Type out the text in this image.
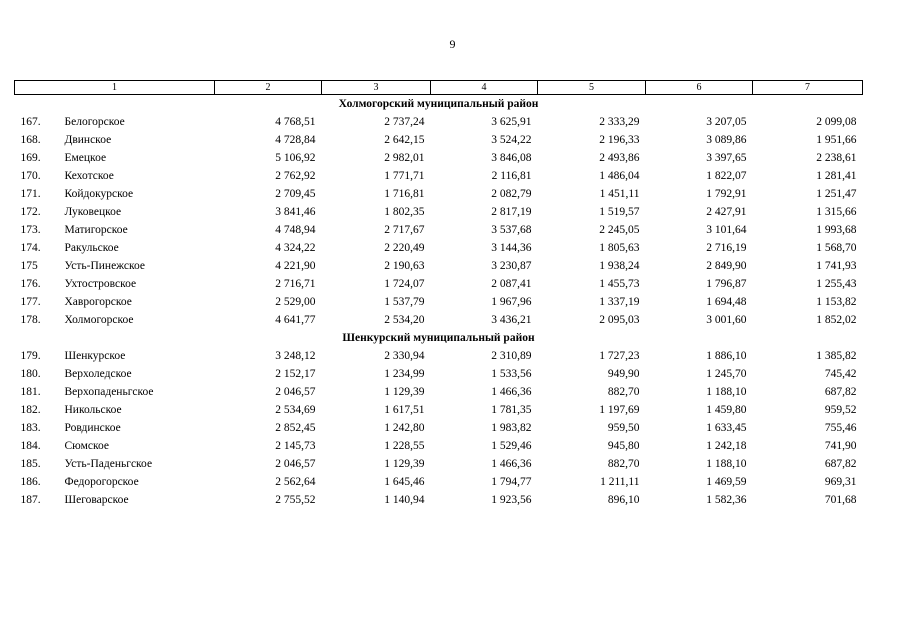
9
1	2	3	4	5	6	7
Холмогорский муниципальный район						

167. Белогорское	4 768,51	2 737,24	3 625,91	2 333,29	3 207,05	2 099,08

168. Двинское	4 728,84	2 642,15	3 524,22	2 196,33	3 089,86	1 951,66

169. Емецкое	5 106,92	2 982,01	3 846,08	2 493,86	3 397,65	2 238,61

170. Кехотское	2 762,92	1 771,71	2 116,81	1 486,04	1 822,07	1 281,41

171. Койдокурское	2 709,45	1 716,81	2 082,79	1 451,11	1 792,91	1 251,47

172. Луковецкое	3 841,46	1 802,35	2 817,19	1 519,57	2 427,91	1 315,66

173. Матигорское	4 748,94	2 717,67	3 537,68	2 245,05	3 101,64	1 993,68

174. Ракульское	4 324,22	2 220,49	3 144,36	1 805,63	2 716,19	1 568,70

175 Усть-Пинежское	4 221,90	2 190,63	3 230,87	1 938,24	2 849,90	1 741,93

176. Ухтостровское	2 716,71	1 724,07	2 087,41	1 455,73	1 796,87	1 255,43

177. Хаврогорское	2 529,00	1 537,79	1 967,96	1 337,19	1 694,48	1 153,82

178. Холмогорское	4 641,77	2 534,20	3 436,21	2 095,03	3 001,60	1 852,02
Шенкурский муниципальный район						

179. Шенкурское	3 248,12	2 330,94	2 310,89	1 727,23	1 886,10	1 385,82

180. Верхоледское	2 152,17	1 234,99	1 533,56	949,90	1 245,70	745,42

181. Верхопаденьгское	2 046,57	1 129,39	1 466,36	882,70	1 188,10	687,82

182. Никольское	2 534,69	1 617,51	1 781,35	1 197,69	1 459,80	959,52

183. Ровдинское	2 852,45	1 242,80	1 983,82	959,50	1 633,45	755,46

184. Сюмское	2 145,73	1 228,55	1 529,46	945,80	1 242,18	741,90

185. Усть-Паденьгское	2 046,57	1 129,39	1 466,36	882,70	1 188,10	687,82

186. Федорогорское	2 562,64	1 645,46	1 794,77	1 211,11	1 469,59	969,31

187. Шеговарское	2 755,52	1 140,94	1 923,56	896,10	1 582,36	701,68
